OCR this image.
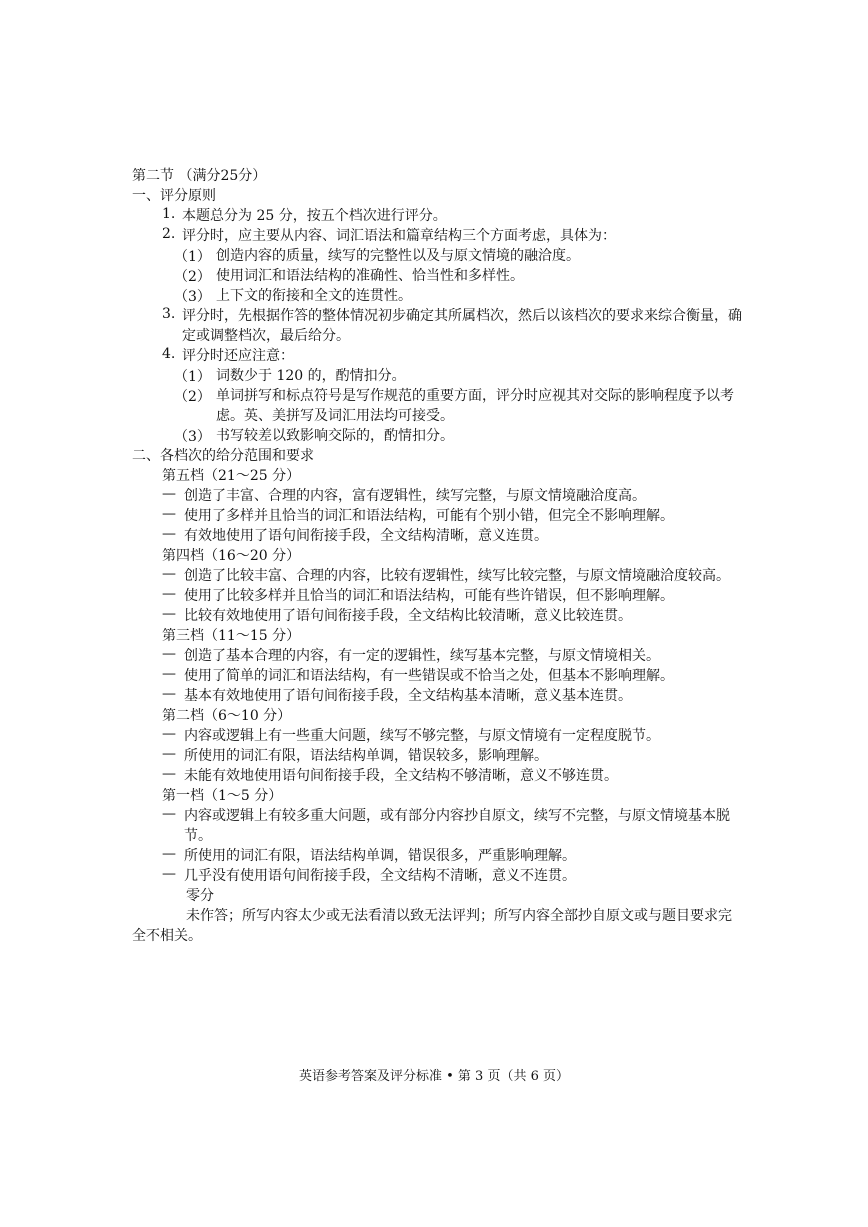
第二节 （满分25分）
一、评分原则
1. 本题总分为 25 分，按五个档次进行评分。
2. 评分时，应主要从内容、词汇语法和篇章结构三个方面考虑，具体为：
（1） 创造内容的质量，续写的完整性以及与原文情境的融洽度。
（2） 使用词汇和语法结构的准确性、恰当性和多样性。
（3） 上下文的衔接和全文的连贯性。
3. 评分时，先根据作答的整体情况初步确定其所属档次，然后以该档次的要求来综合衡量，确定或调整档次，最后给分。
4. 评分时还应注意：
（1） 词数少于 120 的，酌情扣分。
（2） 单词拼写和标点符号是写作规范的重要方面，评分时应视其对交际的影响程度予以考虑。英、美拼写及词汇用法均可接受。
（3） 书写较差以致影响交际的，酌情扣分。
二、各档次的给分范围和要求
第五档（21～25 分）
— 创造了丰富、合理的内容，富有逻辑性，续写完整，与原文情境融洽度高。
— 使用了多样并且恰当的词汇和语法结构，可能有个别小错，但完全不影响理解。
— 有效地使用了语句间衔接手段，全文结构清晰，意义连贯。
第四档（16～20 分）
— 创造了比较丰富、合理的内容，比较有逻辑性，续写比较完整，与原文情境融洽度较高。
— 使用了比较多样并且恰当的词汇和语法结构，可能有些许错误，但不影响理解。
— 比较有效地使用了语句间衔接手段，全文结构比较清晰，意义比较连贯。
第三档（11～15 分）
— 创造了基本合理的内容，有一定的逻辑性，续写基本完整，与原文情境相关。
— 使用了简单的词汇和语法结构，有一些错误或不恰当之处，但基本不影响理解。
— 基本有效地使用了语句间衔接手段，全文结构基本清晰，意义基本连贯。
第二档（6～10 分）
— 内容或逻辑上有一些重大问题，续写不够完整，与原文情境有一定程度脱节。
— 所使用的词汇有限，语法结构单调，错误较多，影响理解。
— 未能有效地使用语句间衔接手段，全文结构不够清晰，意义不够连贯。
第一档（1～5 分）
— 内容或逻辑上有较多重大问题，或有部分内容抄自原文，续写不完整，与原文情境基本脱节。
— 所使用的词汇有限，语法结构单调，错误很多，严重影响理解。
— 几乎没有使用语句间衔接手段，全文结构不清晰，意义不连贯。
零分
未作答；所写内容太少或无法看清以致无法评判；所写内容全部抄自原文或与题目要求完全不相关。
英语参考答案及评分标准 • 第 3 页（共 6 页）
